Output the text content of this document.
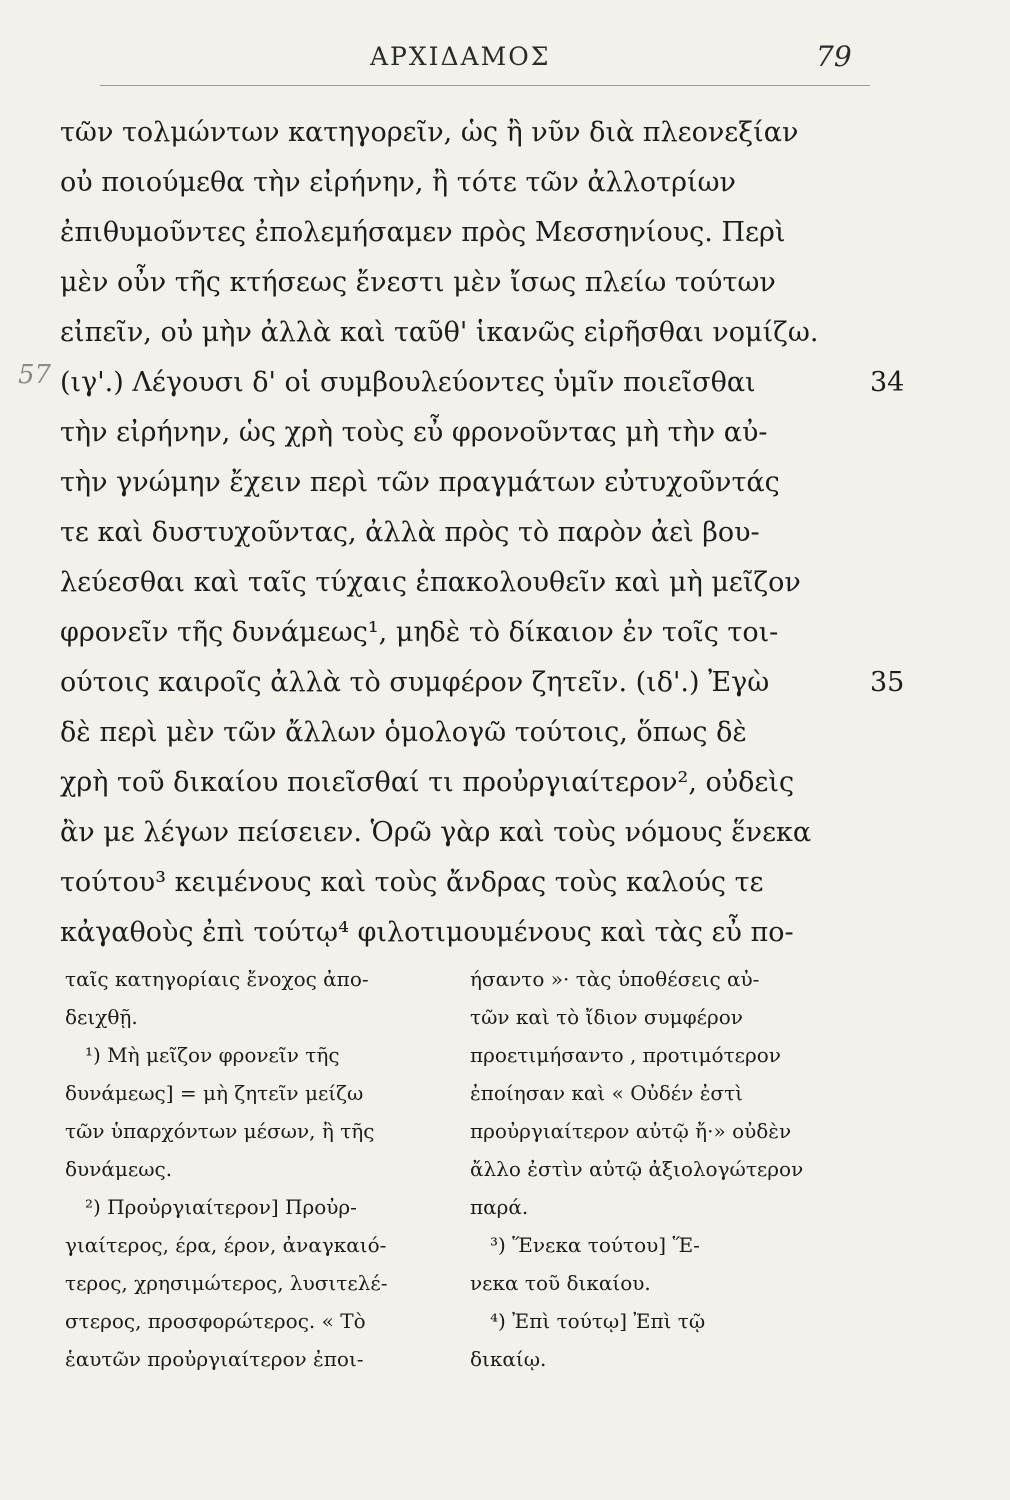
ΑΡΧΙΔΑΜΟΣ	79
57
τῶν τολμώντων κατηγορεῖν, ὡς ἢ νῦν διὰ πλεονεξίαν
οὐ ποιούμεθα τὴν εἰρήνην, ἢ τότε τῶν ἀλλοτρίων
ἐπιθυμοῦντες ἐπολεμήσαμεν πρὸς Μεσσηνίους. Περὶ
μὲν οὖν τῆς κτήσεως ἔνεστι μὲν ἴσως πλείω τούτων
εἰπεῖν, οὐ μὴν ἀλλὰ καὶ ταῦθ' ἱκανῶς εἰρῆσθαι νομίζω.
(ιγ'.) Λέγουσι δ' οἱ συμβουλεύοντες ὑμῖν ποιεῖσθαι	34
τὴν εἰρήνην, ὡς χρὴ τοὺς εὖ φρονοῦντας μὴ τὴν αὐ-
τὴν γνώμην ἔχειν περὶ τῶν πραγμάτων εὐτυχοῦντάς
τε καὶ δυστυχοῦντας, ἀλλὰ πρὸς τὸ παρὸν ἀεὶ βου-
λεύεσθαι καὶ ταῖς τύχαις ἐπακολουθεῖν καὶ μὴ μεῖζον
φρονεῖν τῆς δυνάμεως¹, μηδὲ τὸ δίκαιον ἐν τοῖς τοι-
ούτοις καιροῖς ἀλλὰ τὸ συμφέρον ζητεῖν. (ιδ'.) Ἐγὼ	35
δὲ περὶ μὲν τῶν ἄλλων ὁμολογῶ τούτοις, ὅπως δὲ
χρὴ τοῦ δικαίου ποιεῖσθαί τι προὐργιαίτερον², οὐδεὶς
ἂν με λέγων πείσειεν. Ὁρῶ γὰρ καὶ τοὺς νόμους ἕνεκα
τούτου³ κειμένους καὶ τοὺς ἄνδρας τοὺς καλούς τε
κἀγαθοὺς ἐπὶ τούτῳ⁴ φιλοτιμουμένους καὶ τὰς εὖ πο-
ταῖς κατηγορίαις ἔνοχος ἀπο-
δειχθῇ.
¹) Μὴ μεῖζον φρονεῖν τῆς
δυνάμεως] = μὴ ζητεῖν μείζω
τῶν ὑπαρχόντων μέσων, ἢ τῆς
δυνάμεως.
²) Προὐργιαίτερον] Προὐρ-
γιαίτερος, έρα, έρον, ἀναγκαιό-
τερος, χρησιμώτερος, λυσιτελέ-
στερος, προσφορώτερος. « Τὸ
ἑαυτῶν προὐργιαίτερον ἐποι-
ήσαντο »· τὰς ὑποθέσεις αὐ-
τῶν καὶ τὸ ἴδιον συμφέρον
προετιμήσαντο , προτιμότερον
ἐποίησαν καὶ « Οὐδέν ἐστὶ
προὐργιαίτερον αὐτῷ ἤ·» οὐδὲν
ἄλλο ἐστὶν αὐτῷ ἀξιολογώτερον
παρά.
³) Ἕνεκα τούτου] Ἕ-
νεκα τοῦ δικαίου.
⁴) Ἐπὶ τούτῳ] Ἐπὶ τῷ
δικαίῳ.
